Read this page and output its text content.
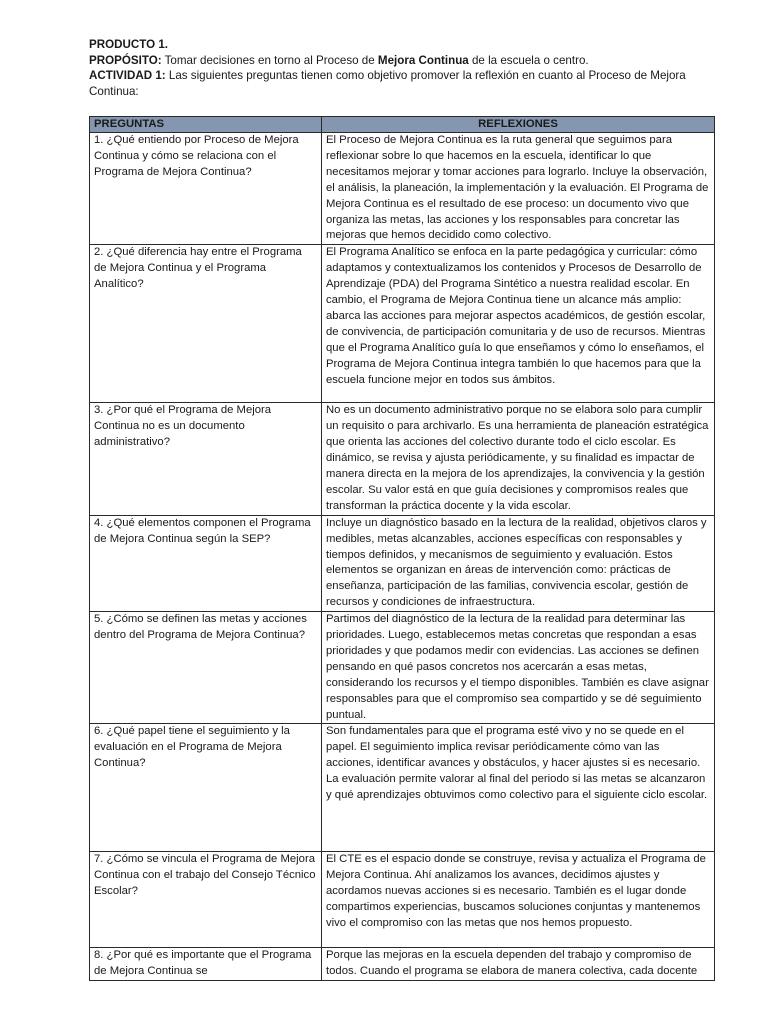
PRODUCTO 1.

PROPÓSITO: Tomar decisiones en torno al Proceso de Mejora Continua de la escuela o centro.

ACTIVIDAD 1: Las siguientes preguntas tienen como objetivo promover la reflexión en cuanto al Proceso de Mejora Continua:

PREGUNTAS	REFLEXIONES
1. ¿Qué entiendo por Proceso de Mejora Continua y cómo se relaciona con el Programa de Mejora Continua?	El Proceso de Mejora Continua es la ruta general que seguimos para reflexionar sobre lo que hacemos en la escuela, identificar lo que necesitamos mejorar y tomar acciones para lograrlo. Incluye la observación, el análisis, la planeación, la implementación y la evaluación. El Programa de Mejora Continua es el resultado de ese proceso: un documento vivo que organiza las metas, las acciones y los responsables para concretar las mejoras que hemos decidido como colectivo.
2. ¿Qué diferencia hay entre el Programa de Mejora Continua y el Programa Analítico?	El Programa Analítico se enfoca en la parte pedagógica y curricular: cómo adaptamos y contextualizamos los contenidos y Procesos de Desarrollo de Aprendizaje (PDA) del Programa Sintético a nuestra realidad escolar. En cambio, el Programa de Mejora Continua tiene un alcance más amplio: abarca las acciones para mejorar aspectos académicos, de gestión escolar, de convivencia, de participación comunitaria y de uso de recursos. Mientras que el Programa Analítico guía lo que enseñamos y cómo lo enseñamos, el Programa de Mejora Continua integra también lo que hacemos para que la escuela funcione mejor en todos sus ámbitos.
3. ¿Por qué el Programa de Mejora Continua no es un documento administrativo?	No es un documento administrativo porque no se elabora solo para cumplir un requisito o para archivarlo. Es una herramienta de planeación estratégica que orienta las acciones del colectivo durante todo el ciclo escolar. Es dinámico, se revisa y ajusta periódicamente, y su finalidad es impactar de manera directa en la mejora de los aprendizajes, la convivencia y la gestión escolar. Su valor está en que guía decisiones y compromisos reales que transforman la práctica docente y la vida escolar.
4. ¿Qué elementos componen el Programa de Mejora Continua según la SEP?	Incluye un diagnóstico basado en la lectura de la realidad, objetivos claros y medibles, metas alcanzables, acciones específicas con responsables y tiempos definidos, y mecanismos de seguimiento y evaluación. Estos elementos se organizan en áreas de intervención como: prácticas de enseñanza, participación de las familias, convivencia escolar, gestión de recursos y condiciones de infraestructura.
5. ¿Cómo se definen las metas y acciones dentro del Programa de Mejora Continua?	Partimos del diagnóstico de la lectura de la realidad para determinar las prioridades. Luego, establecemos metas concretas que respondan a esas prioridades y que podamos medir con evidencias. Las acciones se definen pensando en qué pasos concretos nos acercarán a esas metas, considerando los recursos y el tiempo disponibles. También es clave asignar responsables para que el compromiso sea compartido y se dé seguimiento puntual.
6. ¿Qué papel tiene el seguimiento y la evaluación en el Programa de Mejora Continua?	Son fundamentales para que el programa esté vivo y no se quede en el papel. El seguimiento implica revisar periódicamente cómo van las acciones, identificar avances y obstáculos, y hacer ajustes si es necesario. La evaluación permite valorar al final del periodo si las metas se alcanzaron y qué aprendizajes obtuvimos como colectivo para el siguiente ciclo escolar.
7. ¿Cómo se vincula el Programa de Mejora Continua con el trabajo del Consejo Técnico Escolar?	El CTE es el espacio donde se construye, revisa y actualiza el Programa de Mejora Continua. Ahí analizamos los avances, decidimos ajustes y acordamos nuevas acciones si es necesario. También es el lugar donde compartimos experiencias, buscamos soluciones conjuntas y mantenemos vivo el compromiso con las metas que nos hemos propuesto.
8. ¿Por qué es importante que el Programa de Mejora Continua se	Porque las mejoras en la escuela dependen del trabajo y compromiso de todos. Cuando el programa se elabora de manera colectiva, cada docente
